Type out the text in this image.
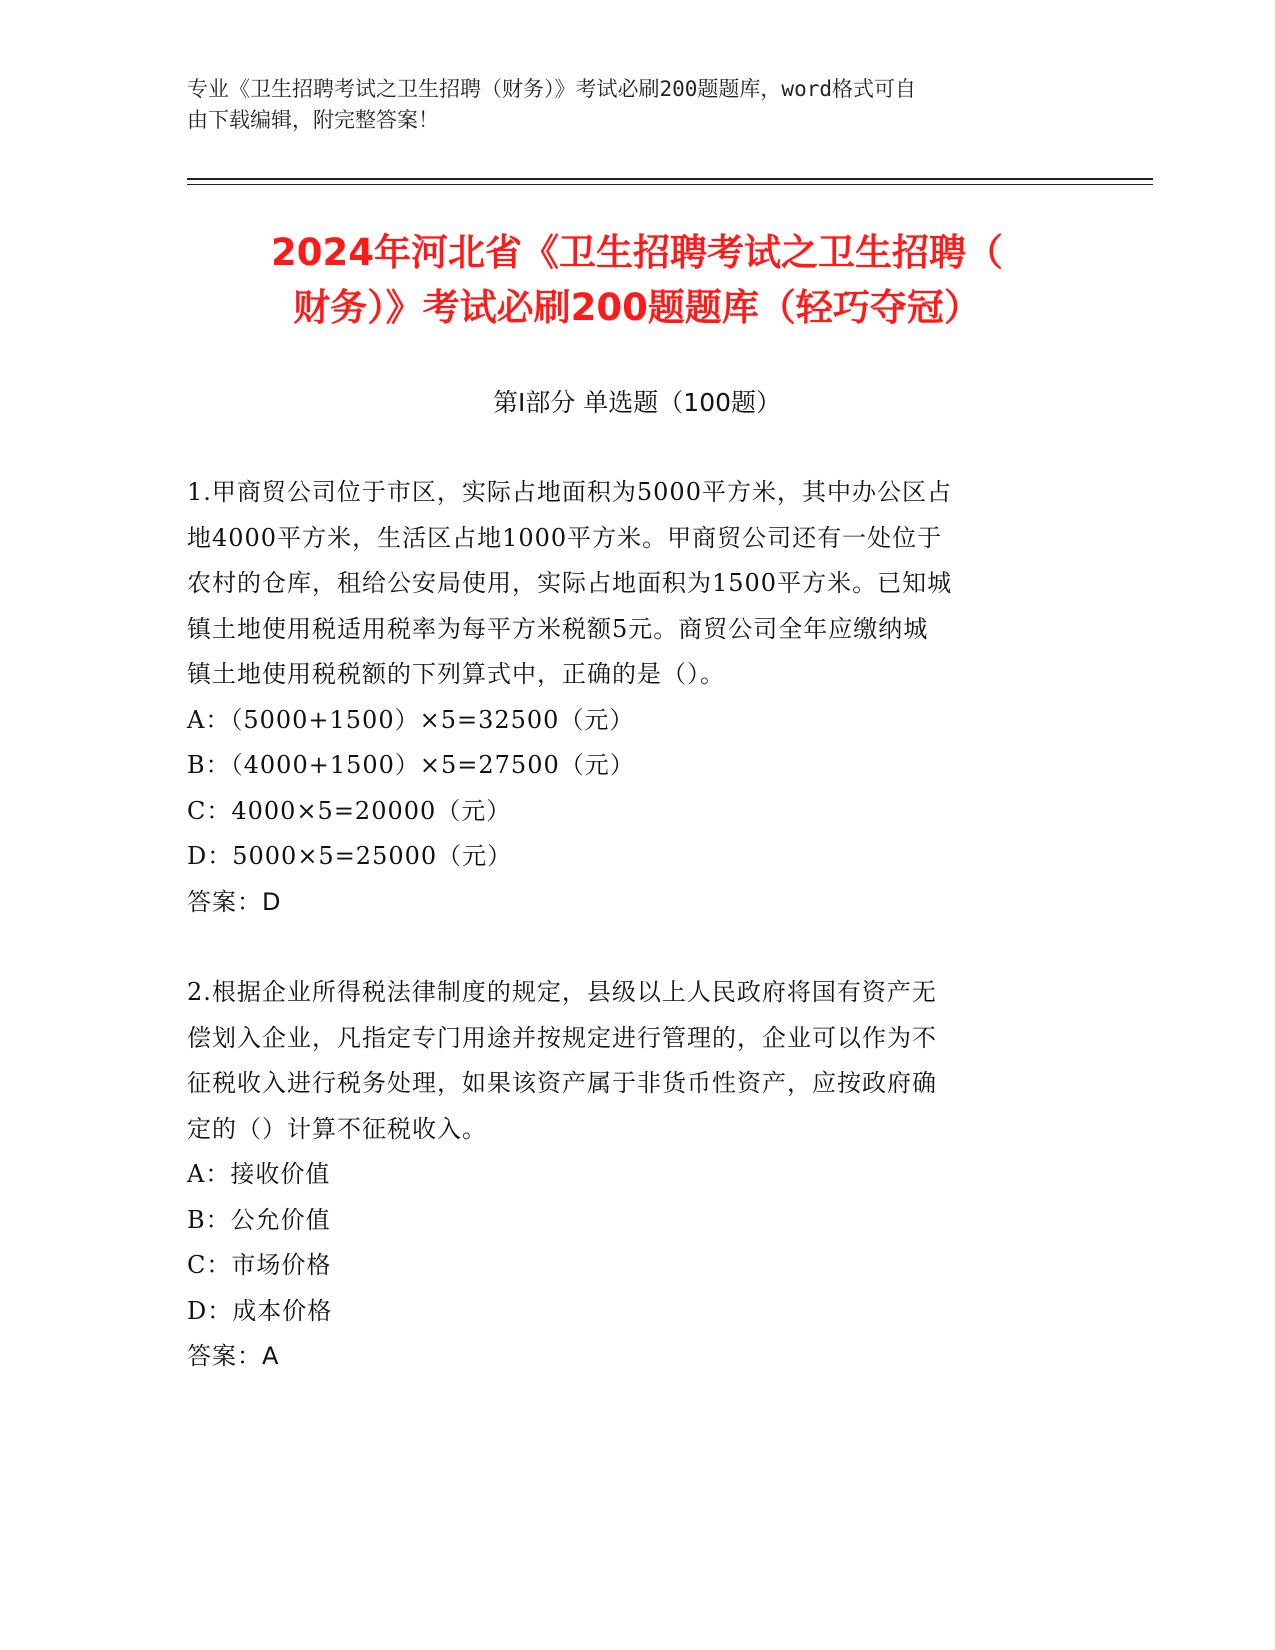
专业《卫生招聘考试之卫生招聘（财务）》考试必刷200题题库，word格式可自
由下载编辑，附完整答案！
2024年河北省《卫生招聘考试之卫生招聘（
财务）》考试必刷200题题库（轻巧夺冠）
第I部分 单选题（100题）
1.甲商贸公司位于市区，实际占地面积为5000平方米，其中办公区占
地4000平方米，生活区占地1000平方米。甲商贸公司还有一处位于
农村的仓库，租给公安局使用，实际占地面积为1500平方米。已知城
镇土地使用税适用税率为每平方米税额5元。商贸公司全年应缴纳城
镇土地使用税税额的下列算式中，正确的是（）。
A：（5000+1500）×5=32500（元）
B：（4000+1500）×5=27500（元）
C：4000×5=20000（元）
D：5000×5=25000（元）
答案：D
2.根据企业所得税法律制度的规定，县级以上人民政府将国有资产无
偿划入企业，凡指定专门用途并按规定进行管理的，企业可以作为不
征税收入进行税务处理，如果该资产属于非货币性资产，应按政府确
定的（）计算不征税收入。
A：接收价值
B：公允价值
C：市场价格
D：成本价格
答案：A
